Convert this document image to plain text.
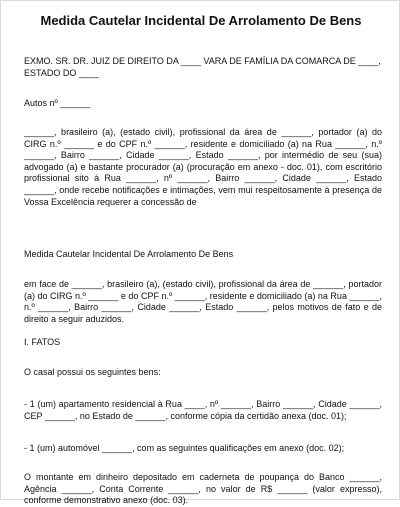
Medida Cautelar Incidental De Arrolamento De Bens
EXMO. SR. DR. JUIZ DE DIREITO DA ____ VARA DE FAMÍLIA DA COMARCA DE ____, ESTADO DO ____
Autos nº ______
______, brasileiro (a), (estado civil), profissional da área de ______, portador (a) do CIRG n.º ______ e do CPF n.º ______, residente e domiciliado (a) na Rua ______, n.º ______, Bairro ______, Cidade ______, Estado ______, por intermédio de seu (sua) advogado (a) e bastante procurador (a) (procuração em anexo - doc. 01), com escritório profissional sito à Rua ______, nº ______, Bairro ______, Cidade ______, Estado ______, onde recebe notificações e intimações, vem mui respeitosamente à presença de Vossa Excelência requerer a concessão de
Medida Cautelar Incidental De Arrolamento De Bens
em face de ______, brasileiro (a), (estado civil), profissional da área de ______, portador (a) do CIRG n.º ______ e do CPF n.º ______, residente e domiciliado (a) na Rua ______, n.º ______, Bairro ______, Cidade ______, Estado ______, pelos motivos de fato e de direito a seguir aduzidos.
I. FATOS
O casal possui os seguintes bens:
- 1 (um) apartamento residencial à Rua ____, nº ______, Bairro ______, Cidade ______, CEP ______, no Estado de ______, conforme cópia da certidão anexa (doc. 01);
- 1 (um) automóvel ______, com as seguintes qualificações em anexo (doc. 02);
O montante em dinheiro depositado em caderneta de poupança do Banco ______, Agência ______, Conta Corrente ______, no valor de R$ ______ (valor expresso), conforme demonstrativo anexo (doc. 03).
